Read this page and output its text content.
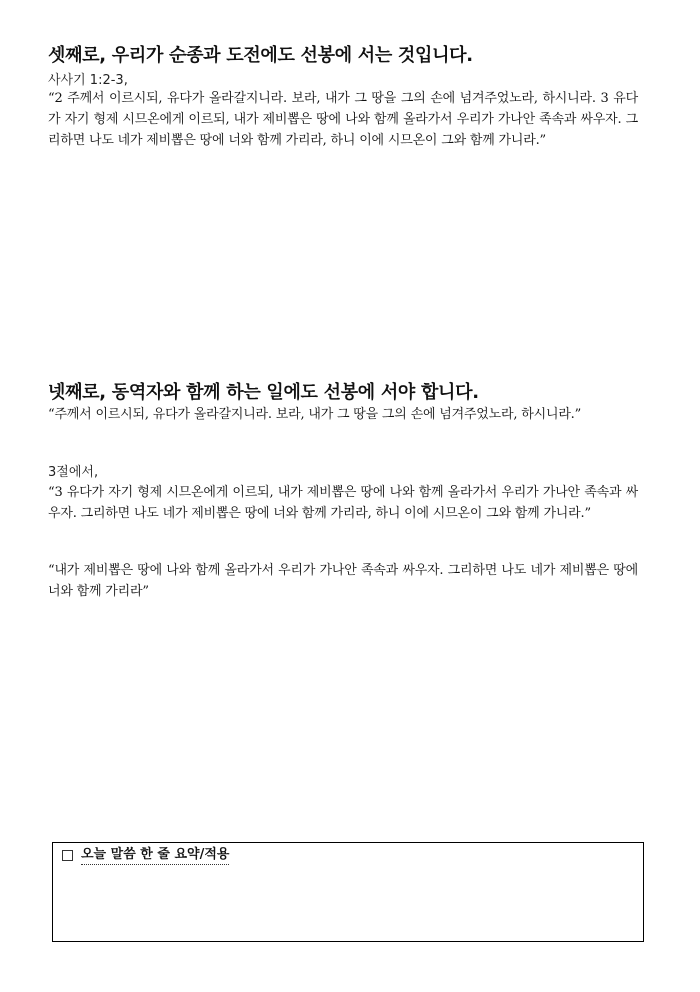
셋째로, 우리가 순종과 도전에도 선봉에 서는 것입니다.
사사기 1:2-3,
“2 주께서 이르시되, 유다가 올라갈지니라. 보라, 내가 그 땅을 그의 손에 넘겨주었노라, 하시니라. 3 유다가 자기 형제 시므온에게 이르되, 내가 제비뽑은 땅에 나와 함께 올라가서 우리가 가나안 족속과 싸우자. 그리하면 나도 네가 제비뽑은 땅에 너와 함께 가리라, 하니 이에 시므온이 그와 함께 가니라.”
넷째로, 동역자와 함께 하는 일에도 선봉에 서야 합니다.
“주께서 이르시되, 유다가 올라갈지니라. 보라, 내가 그 땅을 그의 손에 넘겨주었노라, 하시니라.”
3절에서,
“3 유다가 자기 형제 시므온에게 이르되, 내가 제비뽑은 땅에 나와 함께 올라가서 우리가 가나안 족속과 싸우자. 그리하면 나도 네가 제비뽑은 땅에 너와 함께 가리라, 하니 이에 시므온이 그와 함께 가니라.”
“내가 제비뽑은 땅에 나와 함께 올라가서 우리가 가나안 족속과 싸우자. 그리하면 나도 네가 제비뽑은 땅에 너와 함께 가리라”
오늘 말씀 한 줄 요약/적용
